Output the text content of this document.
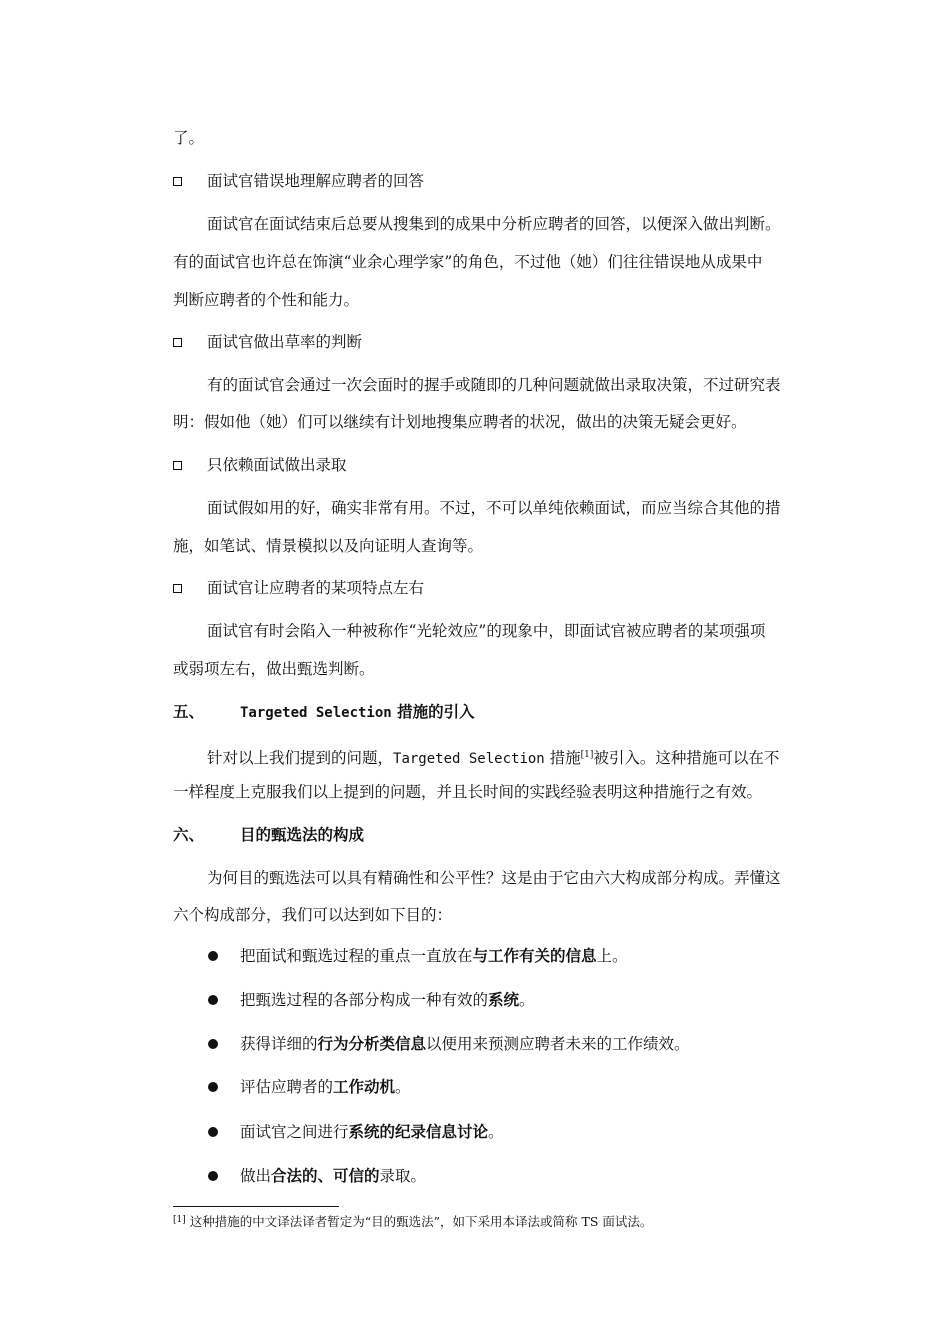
了。
面试官错误地理解应聘者的回答
面试官在面试结束后总要从搜集到的成果中分析应聘者的回答，以便深入做出判断。
有的面试官也许总在饰演“业余心理学家”的角色，不过他（她）们往往错误地从成果中
判断应聘者的个性和能力。
面试官做出草率的判断
有的面试官会通过一次会面时的握手或随即的几种问题就做出录取决策，不过研究表
明：假如他（她）们可以继续有计划地搜集应聘者的状况，做出的决策无疑会更好。
只依赖面试做出录取
面试假如用的好，确实非常有用。不过，不可以单纯依赖面试，而应当综合其他的措
施，如笔试、情景模拟以及向证明人查询等。
面试官让应聘者的某项特点左右
面试官有时会陷入一种被称作“光轮效应”的现象中，即面试官被应聘者的某项强项
或弱项左右，做出甄选判断。
五、	Targeted Selection 措施的引入
针对以上我们提到的问题，Targeted Selection 措施[1]被引入。这种措施可以在不
一样程度上克服我们以上提到的问题，并且长时间的实践经验表明这种措施行之有效。
六、 目的甄选法的构成
为何目的甄选法可以具有精确性和公平性？这是由于它由六大构成部分构成。弄懂这
六个构成部分，我们可以达到如下目的：
把面试和甄选过程的重点一直放在与工作有关的信息上。
把甄选过程的各部分构成一种有效的系统。
获得详细的行为分析类信息以便用来预测应聘者未来的工作绩效。
评估应聘者的工作动机。
面试官之间进行系统的纪录信息讨论。
做出合法的、可信的录取。
[1] 这种措施的中文译法译者暂定为“目的甄选法”，如下采用本译法或简称 TS 面试法。
